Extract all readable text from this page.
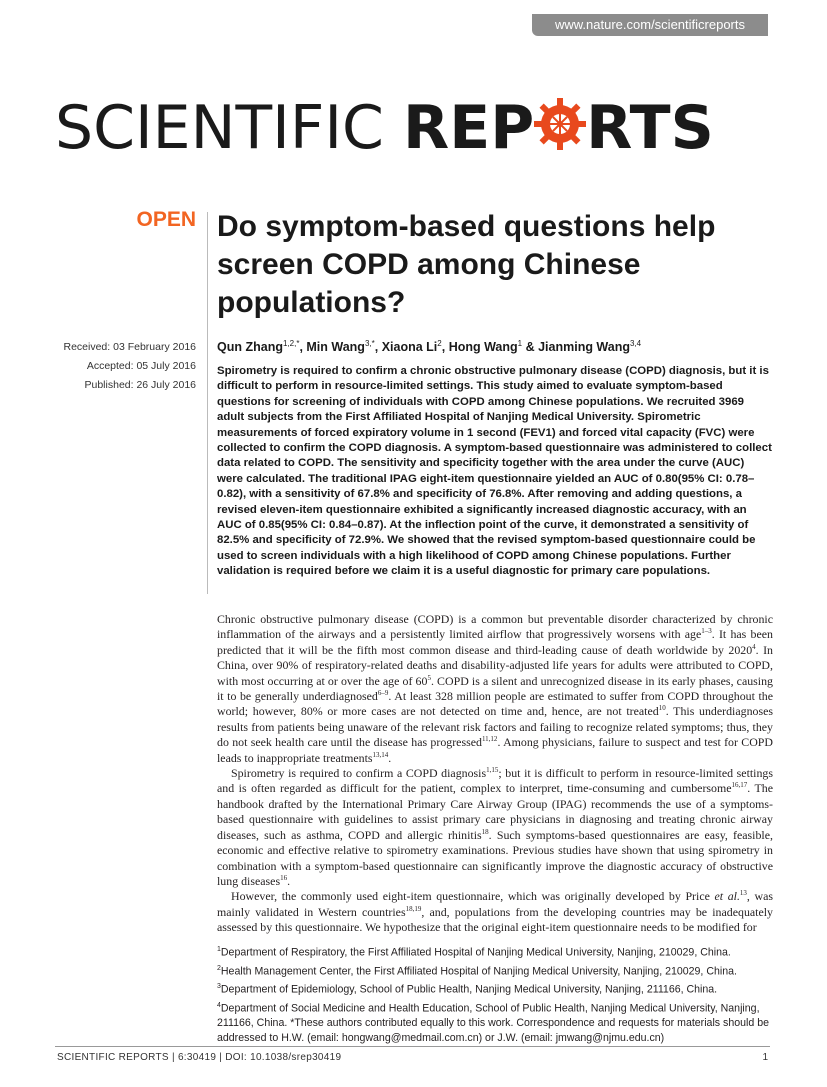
www.nature.com/scientificreports
SCIENTIFIC REP RTS
OPEN Do symptom-based questions help screen COPD among Chinese populations?
Received: 03 February 2016
Accepted: 05 July 2016
Published: 26 July 2016
Qun Zhang$^{1,2,*}$, Min Wang$^{3,*}$, Xiaona Li$^2$, Hong Wang$^1$ & Jianming Wang$^{3,4}$
Spirometry is required to confirm a chronic obstructive pulmonary disease (COPD) diagnosis, but it is difficult to perform in resource-limited settings. This study aimed to evaluate symptom-based questions for screening of individuals with COPD among Chinese populations. We recruited 3969 adult subjects from the First Affiliated Hospital of Nanjing Medical University. Spirometric measurements of forced expiratory volume in 1 second (FEV1) and forced vital capacity (FVC) were collected to confirm the COPD diagnosis. A symptom-based questionnaire was administered to collect data related to COPD. The sensitivity and specificity together with the area under the curve (AUC) were calculated. The traditional IPAG eight-item questionnaire yielded an AUC of 0.80(95% CI: 0.78–0.82), with a sensitivity of 67.8% and specificity of 76.8%. After removing and adding questions, a revised eleven-item questionnaire exhibited a significantly increased diagnostic accuracy, with an AUC of 0.85(95% CI: 0.84–0.87). At the inflection point of the curve, it demonstrated a sensitivity of 82.5% and specificity of 72.9%. We showed that the revised symptom-based questionnaire could be used to screen individuals with a high likelihood of COPD among Chinese populations. Further validation is required before we claim it is a useful diagnostic for primary care populations.

Chronic obstructive pulmonary disease (COPD) is a common but preventable disorder characterized by chronic inflammation of the airways and a persistently limited airflow that progressively worsens with age$^{1-3}$. It has been predicted that it will be the fifth most common disease and third-leading cause of death worldwide by 2020$^4$. In China, over 90% of respiratory-related deaths and disability-adjusted life years for adults were attributed to COPD, with most occurring at or over the age of $60^5$. COPD is a silent and unrecognized disease in its early phases, causing it to be generally underdiagnosed$^{6-9}$. At least 328 million people are estimated to suffer from COPD throughout the world; however, 80% or more cases are not detected on time and, hence, are not treated$^{10}$. This underdiagnoses results from patients being unaware of the relevant risk factors and failing to recognize related symptoms; thus, they do not seek health care until the disease has progressed$^{11,12}$. Among physicians, failure to suspect and test for COPD leads to inappropriate treatments$^{13,14}$.

Spirometry is required to confirm a COPD diagnosis$^{1,15}$; but it is difficult to perform in resource-limited settings and is often regarded as difficult for the patient, complex to interpret, time-consuming and cumbersome$^{16,17}$. The handbook drafted by the International Primary Care Airway Group (IPAG) recommends the use of a symptoms-based questionnaire with guidelines to assist primary care physicians in diagnosing and treating chronic airway diseases, such as asthma, COPD and allergic rhinitis$^{18}$. Such symptoms-based questionnaires are easy, feasible, economic and effective relative to spirometry examinations. Previous studies have shown that using spirometry in combination with a symptom-based questionnaire can significantly improve the diagnostic accuracy of obstructive lung diseases$^{16}$.

However, the commonly used eight-item questionnaire, which was originally developed by Price et al.$^{13}$, was mainly validated in Western countries$^{18,19}$, and, populations from the developing countries may be inadequately assessed by this questionnaire. We hypothesize that the original eight-item questionnaire needs to be modified for

$^1$Department of Respiratory, the First Affiliated Hospital of Nanjing Medical University, Nanjing, 210029, China.

$^2$Health Management Center, the First Affiliated Hospital of Nanjing Medical University, Nanjing, 210029, China.

$^3$Department of Epidemiology, School of Public Health, Nanjing Medical University, Nanjing, 211166, China.

$^4$Department of Social Medicine and Health Education, School of Public Health, Nanjing Medical University, Nanjing, 211166, China. *These authors contributed equally to this work. Correspondence and requests for materials should be addressed to H.W. (email: hongwang@medmail.com.cn) or J.W. (email: jmwang@njmu.edu.cn)

SCIENTIFIC REPORTS | 6:30419 | DOI: 10.1038/srep30419	1
